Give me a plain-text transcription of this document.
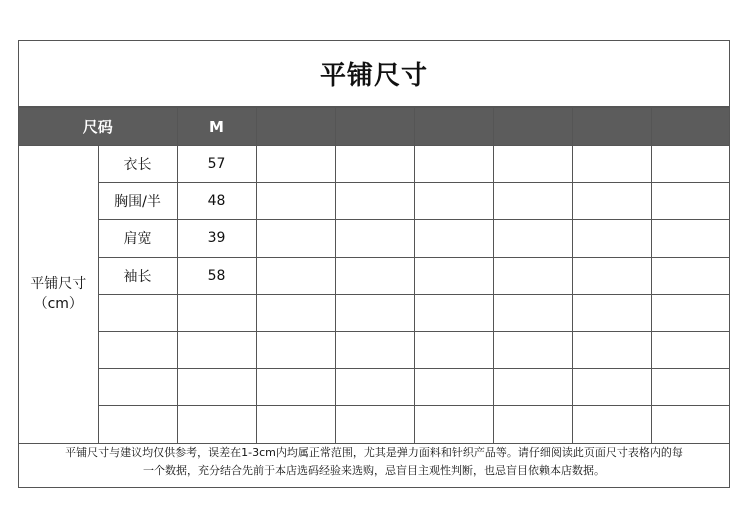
平铺尺寸
尺码		M						

平铺尺寸
（cm）	衣长	57						
	胸围/半	48						
	肩宽	39						
	袖长	58						

平铺尺寸与建议均仅供参考，误差在1-3cm内均属正常范围，尤其是弹力面料和针织产品等。请仔细阅读此页面尺寸表格内的每
一个数据，充分结合先前于本店选码经验来选购，忌盲目主观性判断，也忌盲目依赖本店数据。
